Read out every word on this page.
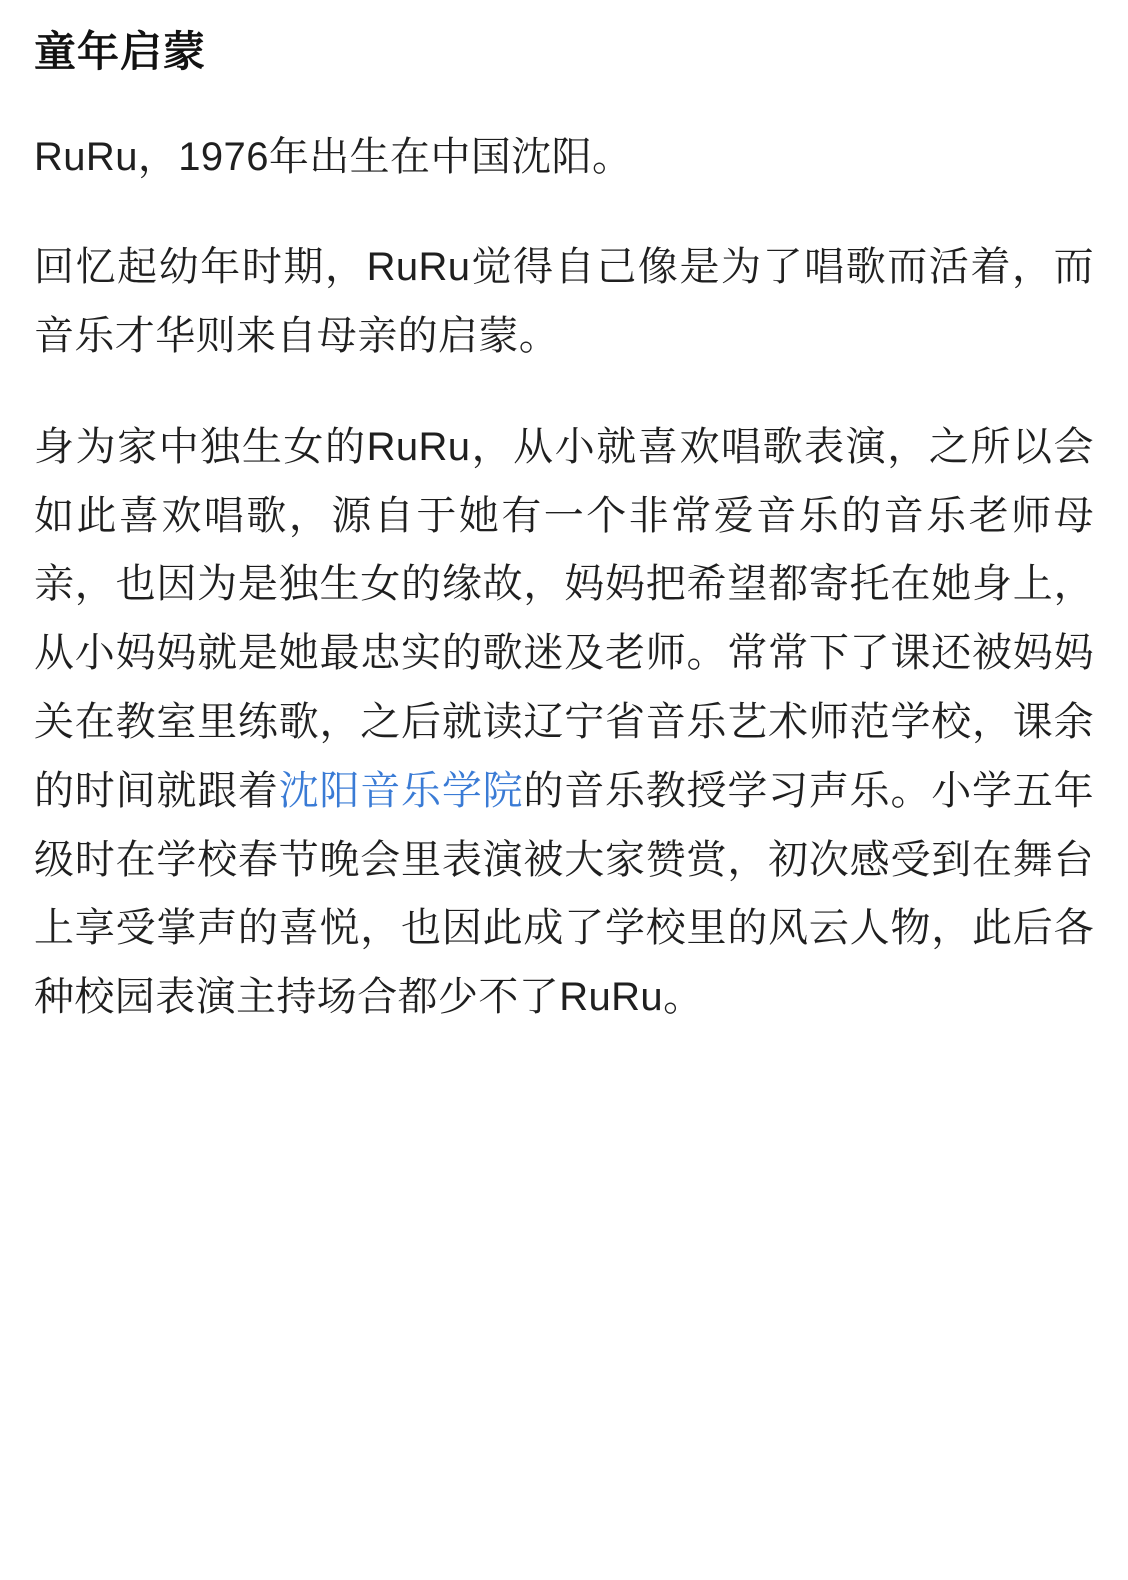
童年启蒙

RuRu，1976年出生在中国沈阳。

回忆起幼年时期，RuRu觉得自己像是为了唱歌而活着，而音乐才华则来自母亲的启蒙。

身为家中独生女的RuRu，从小就喜欢唱歌表演，之所以会如此喜欢唱歌，源自于她有一个非常爱音乐的音乐老师母亲，也因为是独生女的缘故，妈妈把希望都寄托在她身上，从小妈妈就是她最忠实的歌迷及老师。常常下了课还被妈妈关在教室里练歌，之后就读辽宁省音乐艺术师范学校，课余的时间就跟着沈阳音乐学院的音乐教授学习声乐。小学五年级时在学校春节晚会里表演被大家赞赏，初次感受到在舞台上享受掌声的喜悦，也因此成了学校里的风云人物，此后各种校园表演主持场合都少不了RuRu。
